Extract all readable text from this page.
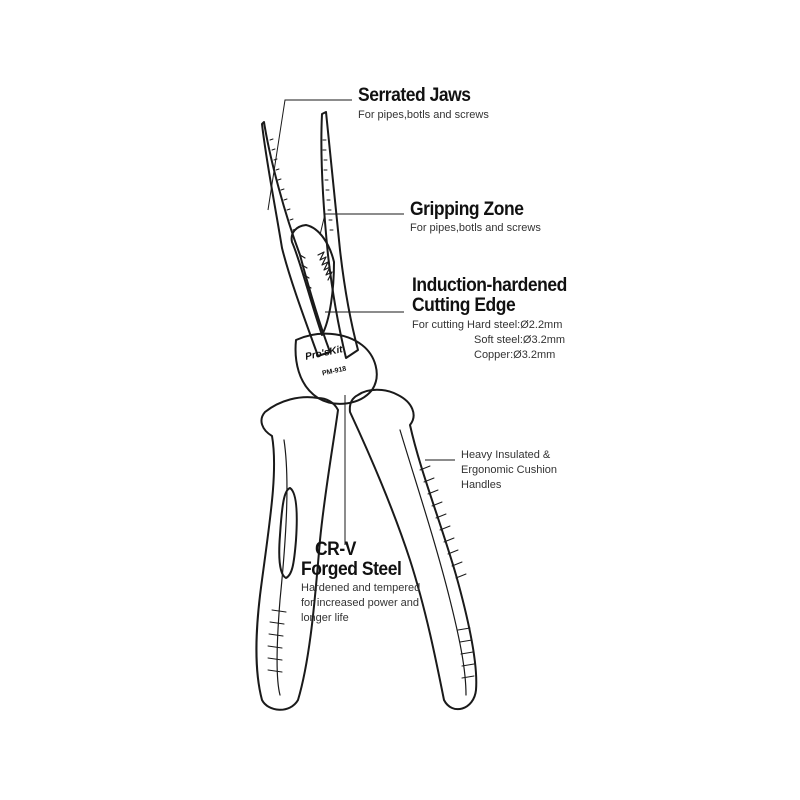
Pro'sKit
PM-918
Serrated Jaws
For pipes,botls and screws
Gripping Zone
For pipes,botls and screws
Induction-hardened
Cutting Edge
For cutting Hard steel:Ø2.2mm
Soft steel:Ø3.2mm
Copper:Ø3.2mm
Heavy Insulated &
Ergonomic Cushion
Handles
CR-V
Forged Steel
Hardened and tempered
for increased power and
longer life
